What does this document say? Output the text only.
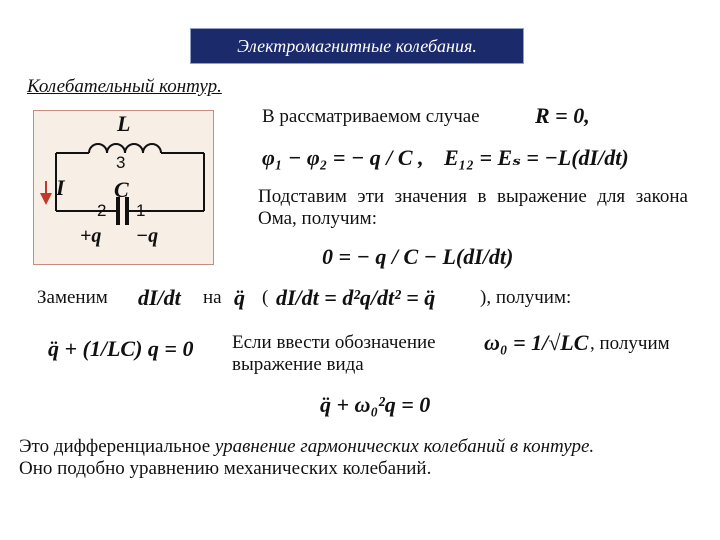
Электромагнитные колебания.
Колебательный контур.
L
3
I C
2 1
+q −q
В рассматриваемом случае	R = 0,
φ₁ − φ₂ = − q / C , E₁₂ = Eₛ = −L(dI/dt)
Подставим эти значения в выражение для закона Ома, получим:
0 = − q / C − L(dI/dt)
Заменим dI/dt на q̈ ( dI/dt = d²q/dt² = q̈ ), получим:
q̈ + (1/LC) q = 0 Если ввести обозначение выражение вида
ω₀ = 1/√LC , получим
q̈ + ω₀²q = 0
Это дифференциальное уравнение гармонических колебаний в контуре.
Оно подобно уравнению механических колебаний.
